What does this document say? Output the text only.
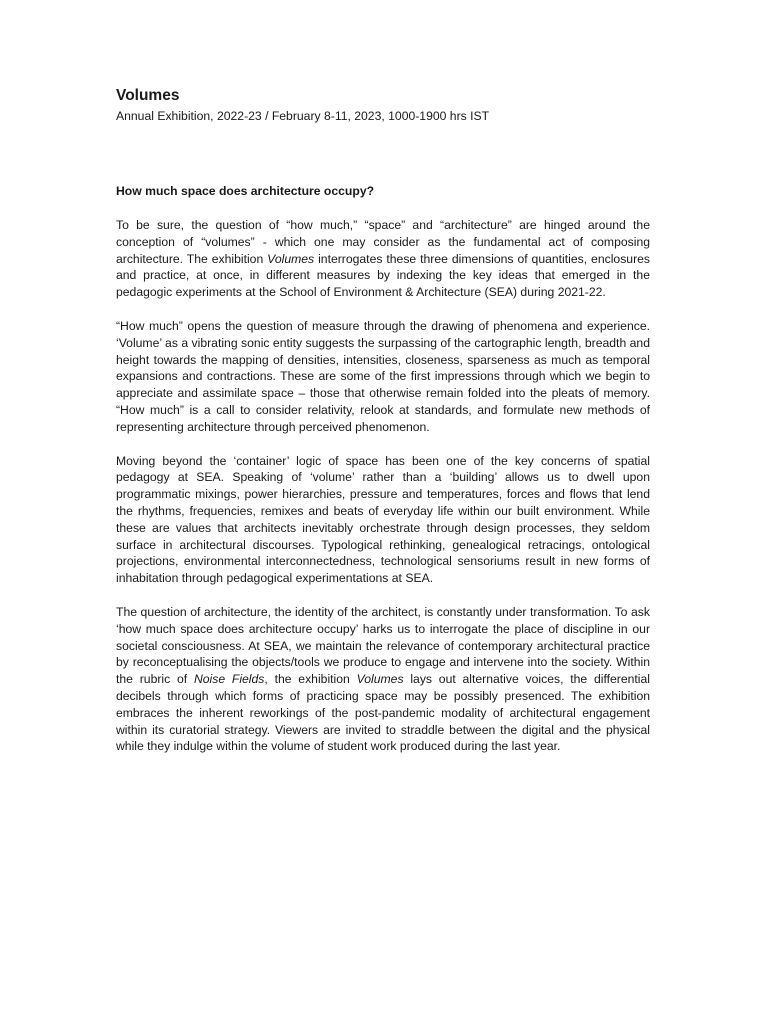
Volumes

Annual Exhibition, 2022-23 / February 8-11, 2023, 1000-1900 hrs IST

How much space does architecture occupy?

To be sure, the question of “how much,” “space” and “architecture” are hinged around the conception of “volumes” - which one may consider as the fundamental act of composing architecture. The exhibition Volumes interrogates these three dimensions of quantities, enclosures and practice, at once, in different measures by indexing the key ideas that emerged in the pedagogic experiments at the School of Environment & Architecture (SEA) during 2021-22.

“How much” opens the question of measure through the drawing of phenomena and experience. ‘Volume’ as a vibrating sonic entity suggests the surpassing of the cartographic length, breadth and height towards the mapping of densities, intensities, closeness, sparseness as much as temporal expansions and contractions. These are some of the first impressions through which we begin to appreciate and assimilate space – those that otherwise remain folded into the pleats of memory. “How much” is a call to consider relativity, relook at standards, and formulate new methods of representing architecture through perceived phenomenon.

Moving beyond the ‘container’ logic of space has been one of the key concerns of spatial pedagogy at SEA. Speaking of ‘volume’ rather than a ‘building’ allows us to dwell upon programmatic mixings, power hierarchies, pressure and temperatures, forces and flows that lend the rhythms, frequencies, remixes and beats of everyday life within our built environment. While these are values that architects inevitably orchestrate through design processes, they seldom surface in architectural discourses. Typological rethinking, genealogical retracings, ontological projections, environmental interconnectedness, technological sensoriums result in new forms of inhabitation through pedagogical experimentations at SEA.

The question of architecture, the identity of the architect, is constantly under transformation. To ask ‘how much space does architecture occupy’ harks us to interrogate the place of discipline in our societal consciousness. At SEA, we maintain the relevance of contemporary architectural practice by reconceptualising the objects/tools we produce to engage and intervene into the society. Within the rubric of Noise Fields, the exhibition Volumes lays out alternative voices, the differential decibels through which forms of practicing space may be possibly presenced. The exhibition embraces the inherent reworkings of the post-pandemic modality of architectural engagement within its curatorial strategy. Viewers are invited to straddle between the digital and the physical while they indulge within the volume of student work produced during the last year.
